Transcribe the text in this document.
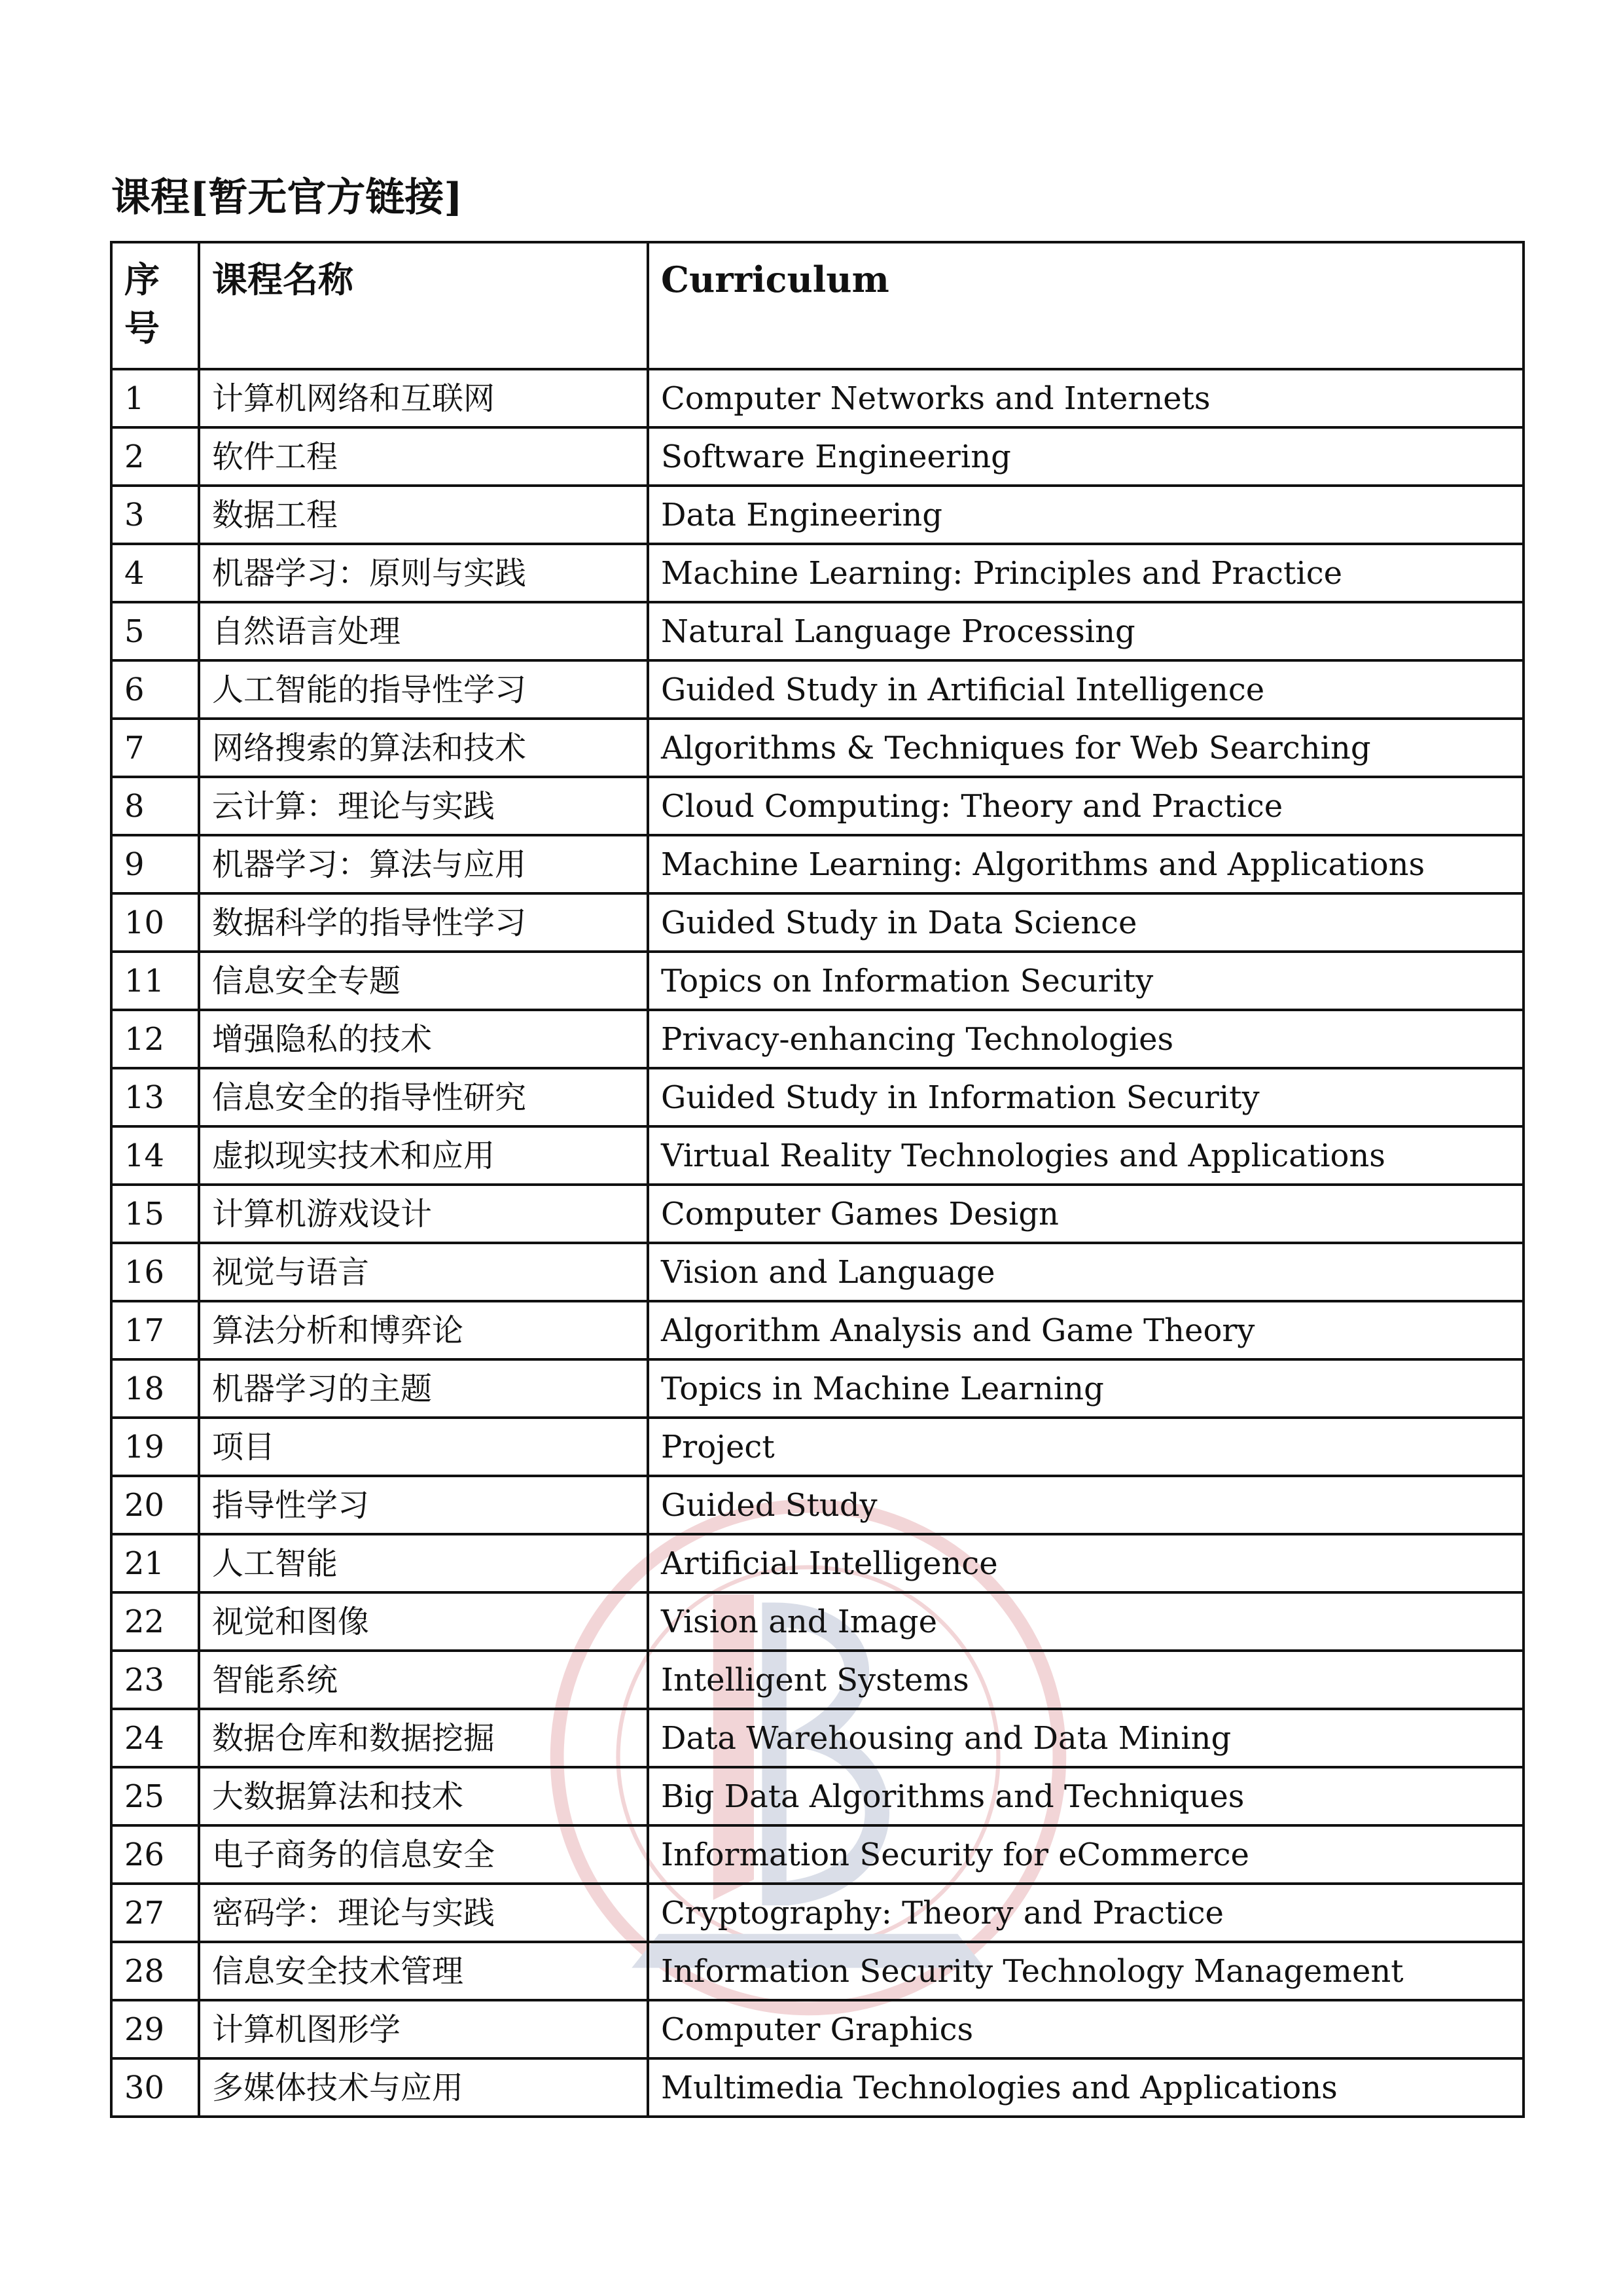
课程[暂无官方链接]
序号	课程名称	Curriculum
1	计算机网络和互联网	Computer Networks and Internets
2	软件工程	Software Engineering
3	数据工程	Data Engineering
4	机器学习：原则与实践	Machine Learning: Principles and Practice
5	自然语言处理	Natural Language Processing
6	人工智能的指导性学习	Guided Study in Artificial Intelligence
7	网络搜索的算法和技术	Algorithms & Techniques for Web Searching
8	云计算：理论与实践	Cloud Computing: Theory and Practice
9	机器学习：算法与应用	Machine Learning: Algorithms and Applications
10	数据科学的指导性学习	Guided Study in Data Science
11	信息安全专题	Topics on Information Security
12	增强隐私的技术	Privacy-enhancing Technologies
13	信息安全的指导性研究	Guided Study in Information Security
14	虚拟现实技术和应用	Virtual Reality Technologies and Applications
15	计算机游戏设计	Computer Games Design
16	视觉与语言	Vision and Language
17	算法分析和博弈论	Algorithm Analysis and Game Theory
18	机器学习的主题	Topics in Machine Learning
19	项目	Project
20	指导性学习	Guided Study
21	人工智能	Artificial Intelligence
22	视觉和图像	Vision and Image
23	智能系统	Intelligent Systems
24	数据仓库和数据挖掘	Data Warehousing and Data Mining
25	大数据算法和技术	Big Data Algorithms and Techniques
26	电子商务的信息安全	Information Security for eCommerce
27	密码学：理论与实践	Cryptography: Theory and Practice
28	信息安全技术管理	Information Security Technology Management
29	计算机图形学	Computer Graphics
30	多媒体技术与应用	Multimedia Technologies and Applications
